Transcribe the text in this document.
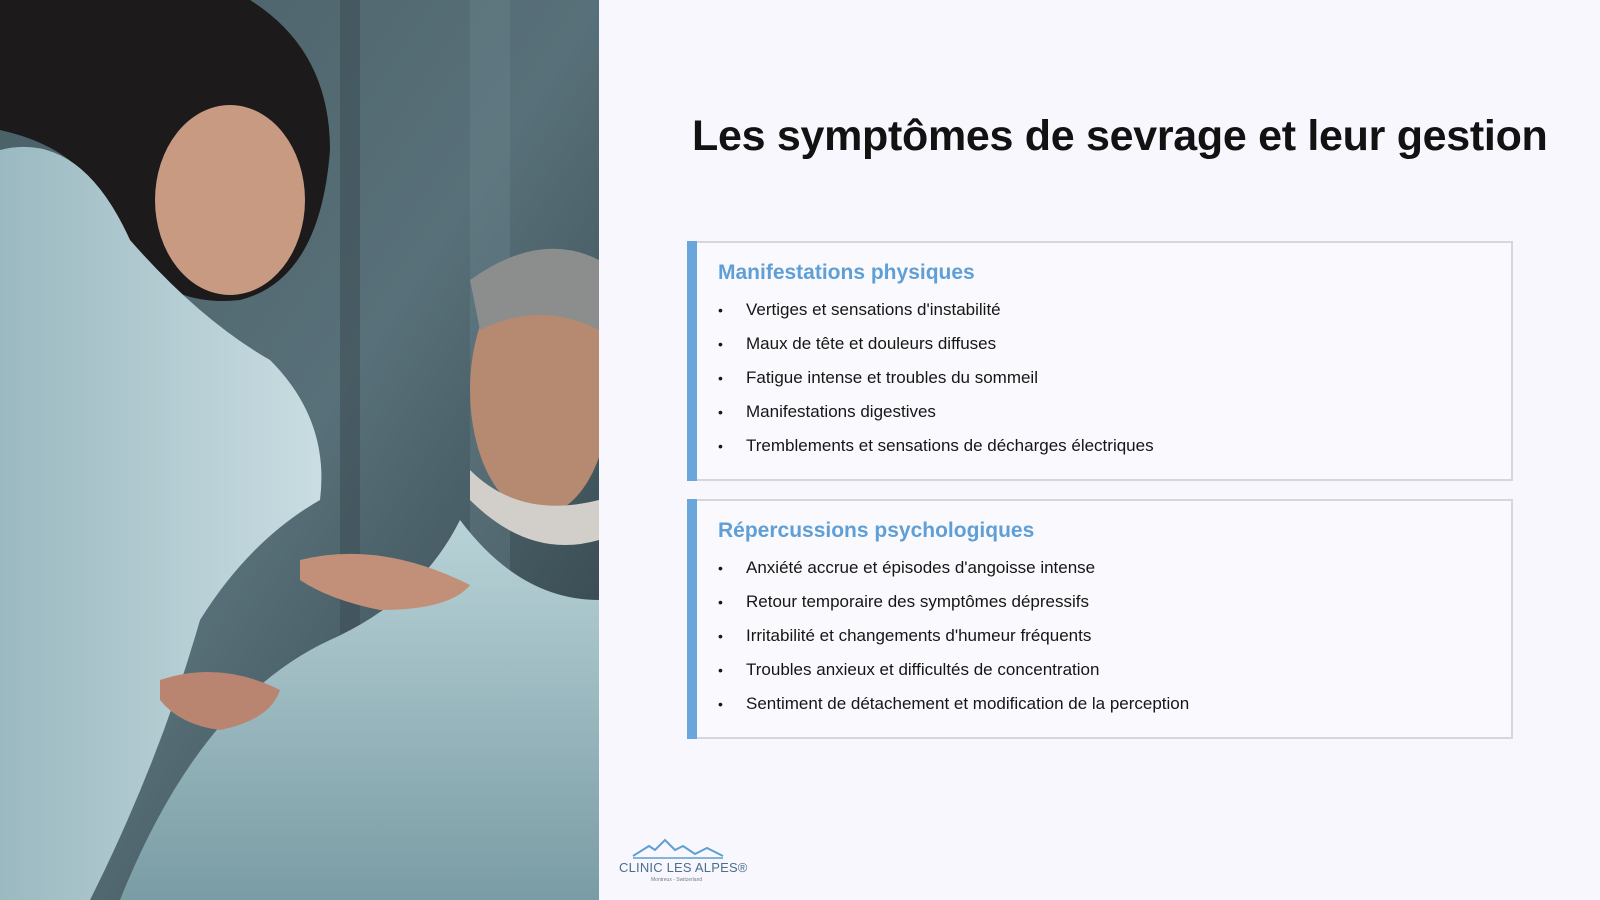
Les symptômes de sevrage et leur gestion
Manifestations physiques
• Vertiges et sensations d'instabilité
• Maux de tête et douleurs diffuses
• Fatigue intense et troubles du sommeil
• Manifestations digestives
• Tremblements et sensations de décharges électriques
Répercussions psychologiques
• Anxiété accrue et épisodes d'angoisse intense
• Retour temporaire des symptômes dépressifs
• Irritabilité et changements d'humeur fréquents
• Troubles anxieux et difficultés de concentration
• Sentiment de détachement et modification de la perception
CLINIC LES ALPES®
Montreux - Switzerland
